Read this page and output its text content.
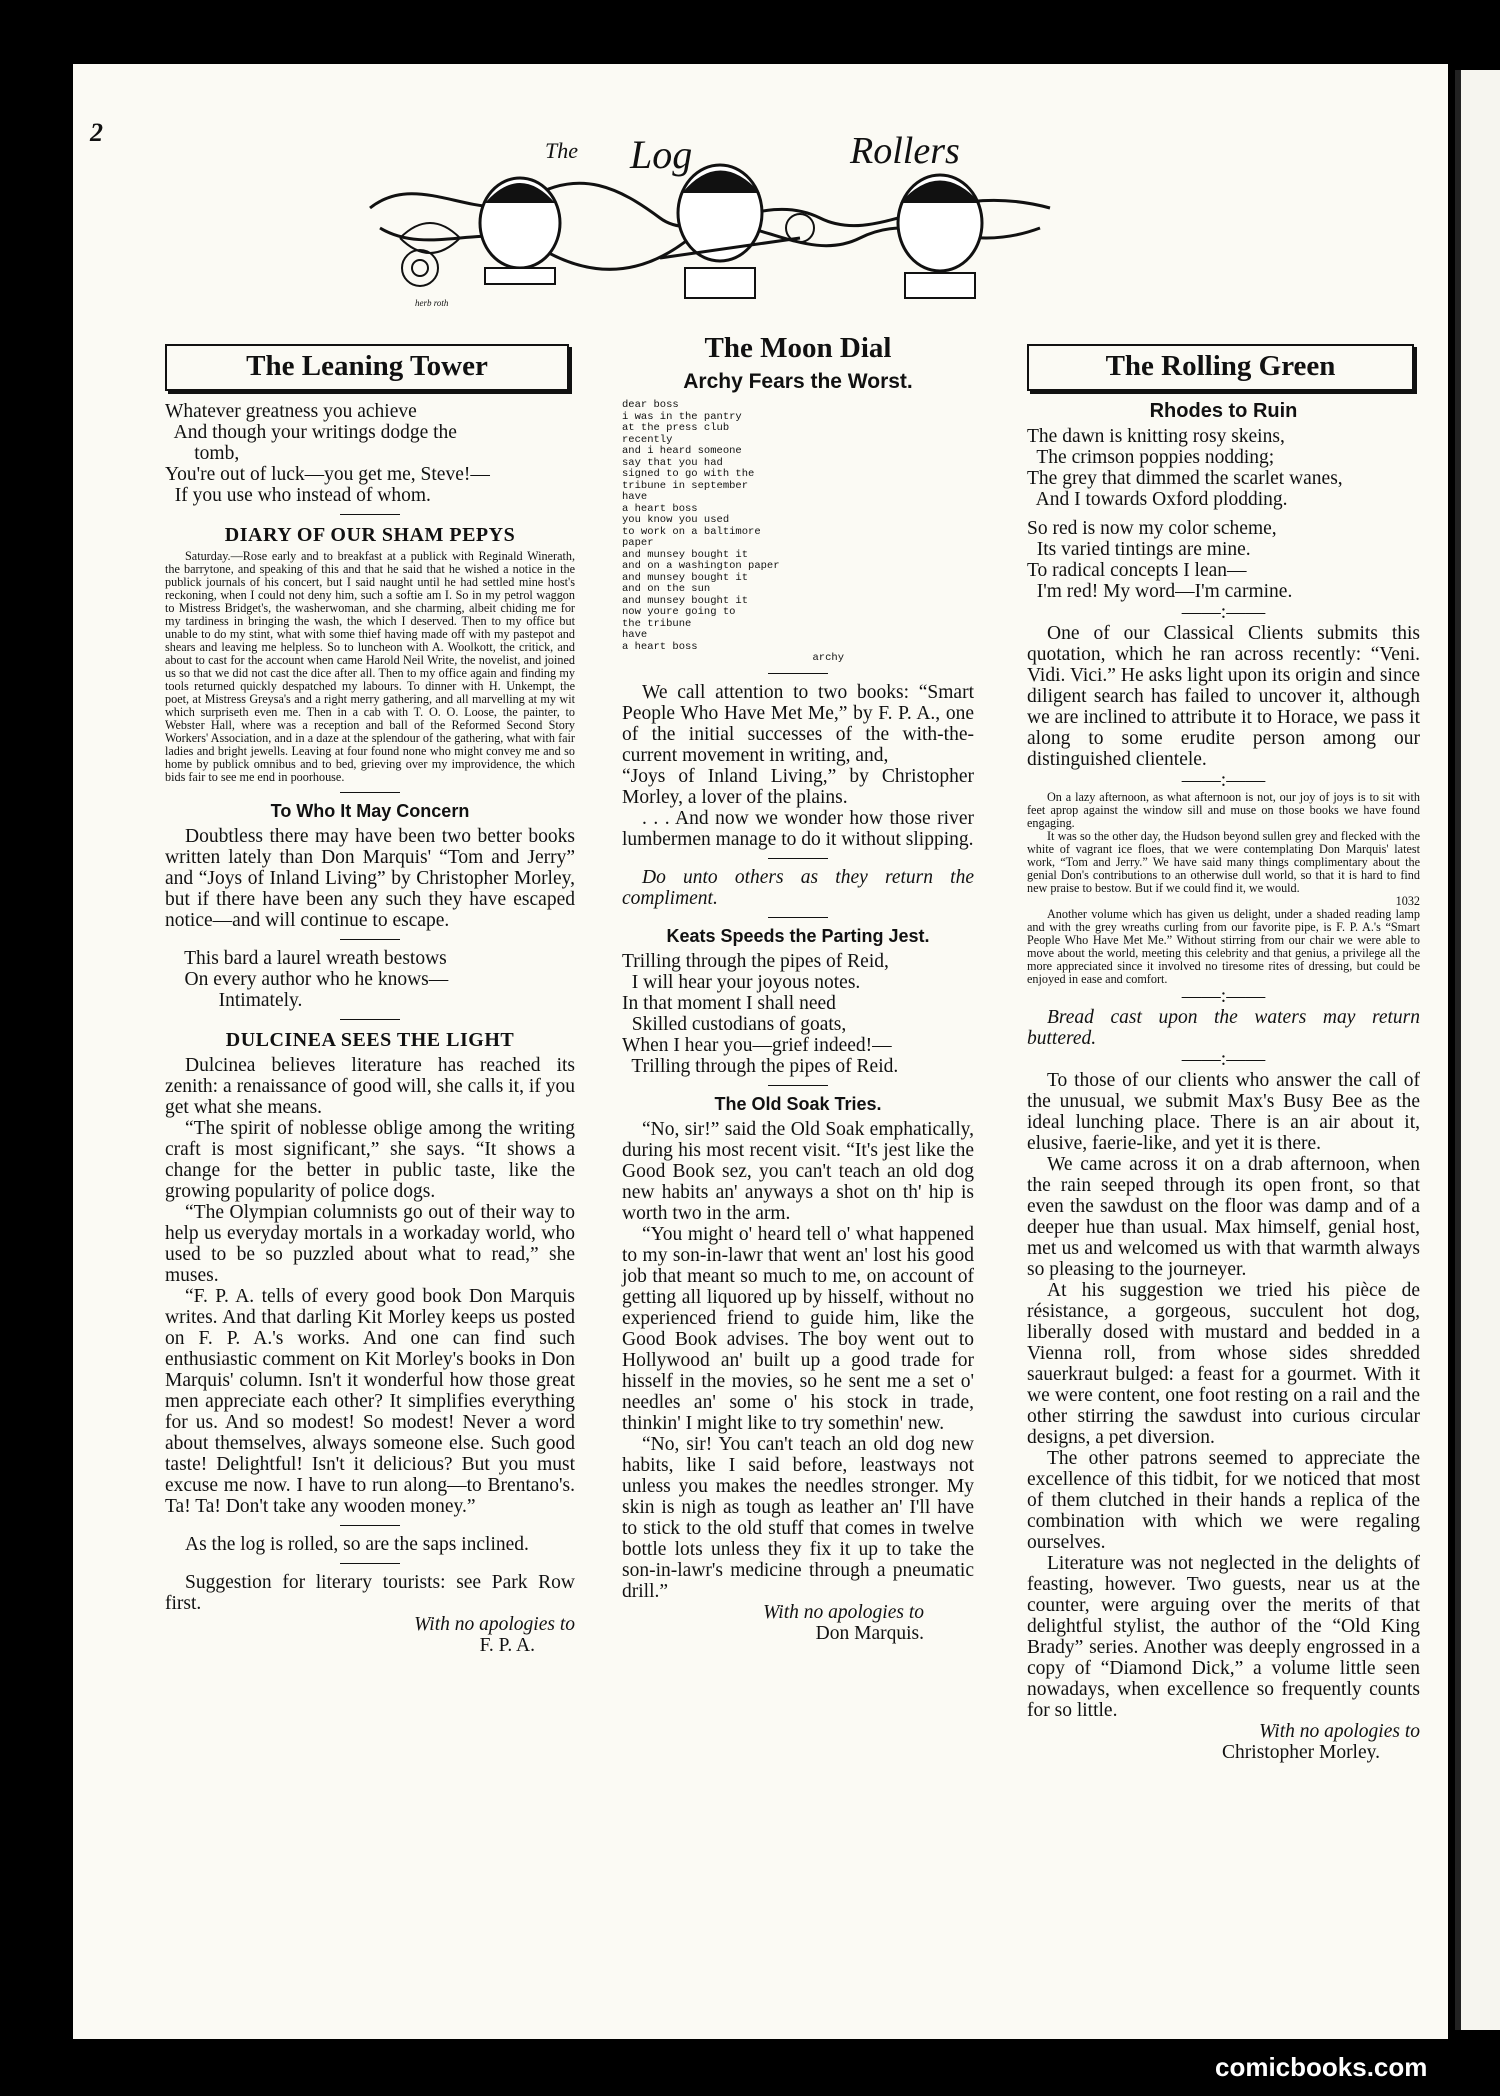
2
The Log	Rollers
herb roth
The Leaning Tower
Whatever greatness you achieve
And though your writings dodge the
tomb,
You're out of luck—you get me, Steve!—
If you use who instead of whom.
DIARY OF OUR SHAM PEPYS

Saturday.—Rose early and to breakfast at a publick with Reginald Winerath, the barrytone, and speaking of this and that he said that he wished a notice in the publick journals of his concert, but I said naught until he had settled mine host's reckoning, when I could not deny him, such a softie am I. So in my petrol waggon to Mistress Bridget's, the washerwoman, and she charming, albeit chiding me for my tardiness in bringing the wash, the which I deserved. Then to my office but unable to do my stint, what with some thief having made off with my pastepot and shears and leaving me helpless. So to luncheon with A. Woolkott, the critick, and about to cast for the account when came Harold Neil Write, the novelist, and joined us so that we did not cast the dice after all. Then to my office again and finding my tools returned quickly despatched my labours. To dinner with H. Unkempt, the poet, at Mistress Greysa's and a right merry gathering, and all marvelling at my wit which surpriseth even me. Then in a cab with T. O. O. Loose, the painter, to Webster Hall, where was a reception and ball of the Reformed Second Story Workers' Association, and in a daze at the splendour of the gathering, what with fair ladies and bright jewells. Leaving at four found none who might convey me and so home by publick omnibus and to bed, grieving over my improvidence, the which bids fair to see me end in poorhouse.

To Who It May Concern

Doubtless there may have been two better books written lately than Don Marquis' “Tom and Jerry” and “Joys of Inland Living” by Christopher Morley, but if there have been any such they have escaped notice—and will continue to escape.

This bard a laurel wreath bestows
On every author who he knows—
Intimately.
DULCINEA SEES THE LIGHT

Dulcinea believes literature has reached its zenith: a renaissance of good will, she calls it, if you get what she means.

“The spirit of noblesse oblige among the writing craft is most significant,” she says. “It shows a change for the better in public taste, like the growing popularity of police dogs.

“The Olympian columnists go out of their way to help us everyday mortals in a workaday world, who used to be so puzzled about what to read,” she muses.

“F. P. A. tells of every good book Don Marquis writes. And that darling Kit Morley keeps us posted on F. P. A.'s works. And one can find such enthusiastic comment on Kit Morley's books in Don Marquis' column. Isn't it wonderful how those great men appreciate each other? It simplifies everything for us. And so modest! So modest! Never a word about themselves, always someone else. Such good taste! Delightful! Isn't it delicious? But you must excuse me now. I have to run along—to Brentano's. Ta! Ta! Don't take any wooden money.”

As the log is rolled, so are the saps inclined.

Suggestion for literary tourists: see Park Row first.

With no apologies to
F. P. A.
The Moon Dial
Archy Fears the Worst.
dear boss
i was in the pantry
at the press club
recently
and i heard someone
say that you had
signed to go with the
tribune in september
have
a heart boss
you know you used
to work on a baltimore
paper
and munsey bought it
and on a washington paper
and munsey bought it
and on the sun
and munsey bought it
now youre going to
the tribune
have
a heart boss
archy

We call attention to two books: “Smart People Who Have Met Me,” by F. P. A., one of the initial successes of the with-the-current movement in writing, and,

“Joys of Inland Living,” by Christopher Morley, a lover of the plains.

. . . And now we wonder how those river lumbermen manage to do it without slipping.

Do unto others as they return the compliment.

Keats Speeds the Parting Jest.
Trilling through the pipes of Reid,
I will hear your joyous notes.
In that moment I shall need
Skilled custodians of goats,
When I hear you—grief indeed!—
Trilling through the pipes of Reid.
The Old Soak Tries.

“No, sir!” said the Old Soak emphatically, during his most recent visit. “It's jest like the Good Book sez, you can't teach an old dog new habits an' anyways a shot on th' hip is worth two in the arm.

“You might o' heard tell o' what happened to my son-in-lawr that went an' lost his good job that meant so much to me, on account of getting all liquored up by hisself, without no experienced friend to guide him, like the Good Book advises. The boy went out to Hollywood an' built up a good trade for hisself in the movies, so he sent me a set o' needles an' some o' his stock in trade, thinkin' I might like to try somethin' new.

“No, sir! You can't teach an old dog new habits, like I said before, leastways not unless you makes the needles stronger. My skin is nigh as tough as leather an' I'll have to stick to the old stuff that comes in twelve bottle lots unless they fix it up to take the son-in-lawr's medicine through a pneumatic drill.”

With no apologies to
Don Marquis.
The Rolling Green
Rhodes to Ruin
The dawn is knitting rosy skeins,
The crimson poppies nodding;
The grey that dimmed the scarlet wanes,
And I towards Oxford plodding.
So red is now my color scheme,
Its varied tintings are mine.
To radical concepts I lean—
I'm red! My word—I'm carmine.
——:——

One of our Classical Clients submits this quotation, which he ran across recently: “Veni. Vidi. Vici.” He asks light upon its origin and since diligent search has failed to uncover it, although we are inclined to attribute it to Horace, we pass it along to some erudite person among our distinguished clientele.

——:——

On a lazy afternoon, as what afternoon is not, our joy of joys is to sit with feet aprop against the window sill and muse on those books we have found engaging.

It was so the other day, the Hudson beyond sullen grey and flecked with the white of vagrant ice floes, that we were contemplating Don Marquis' latest work, “Tom and Jerry.” We have said many things complimentary about the genial Don's contributions to an otherwise dull world, so that it is hard to find new praise to bestow. But if we could find it, we would.

1032

Another volume which has given us delight, under a shaded reading lamp and with the grey wreaths curling from our favorite pipe, is F. P. A.'s “Smart People Who Have Met Me.” Without stirring from our chair we were able to move about the world, meeting this celebrity and that genius, a privilege all the more appreciated since it involved no tiresome rites of dressing, but could be enjoyed in ease and comfort.

——:——

Bread cast upon the waters may return buttered.

——:——

To those of our clients who answer the call of the unusual, we submit Max's Busy Bee as the ideal lunching place. There is an air about it, elusive, faerie-like, and yet it is there.

We came across it on a drab afternoon, when the rain seeped through its open front, so that even the sawdust on the floor was damp and of a deeper hue than usual. Max himself, genial host, met us and welcomed us with that warmth always so pleasing to the journeyer.

At his suggestion we tried his pièce de résistance, a gorgeous, succulent hot dog, liberally dosed with mustard and bedded in a Vienna roll, from whose sides shredded sauerkraut bulged: a feast for a gourmet. With it we were content, one foot resting on a rail and the other stirring the sawdust into curious circular designs, a pet diversion.

The other patrons seemed to appreciate the excellence of this tidbit, for we noticed that most of them clutched in their hands a replica of the combination with which we were regaling ourselves.

Literature was not neglected in the delights of feasting, however. Two guests, near us at the counter, were arguing over the merits of that delightful stylist, the author of the “Old King Brady” series. Another was deeply engrossed in a copy of “Diamond Dick,” a volume little seen nowadays, when excellence so frequently counts for so little.

With no apologies to
Christopher Morley.
comicbooks.com
